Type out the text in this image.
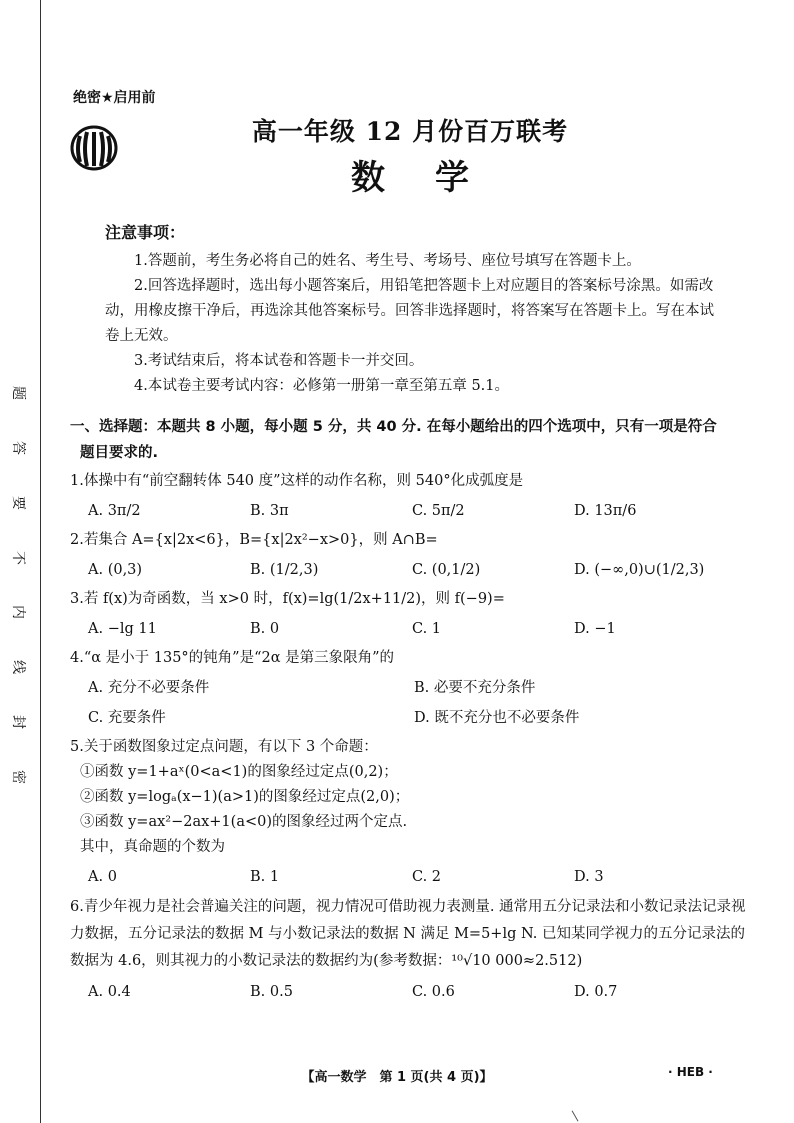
题
答
要
不
内
线
封
密
绝密★启用前
高一年级 12 月份百万联考
数学
注意事项：

1.答题前，考生务必将自己的姓名、考生号、考场号、座位号填写在答题卡上。

2.回答选择题时，选出每小题答案后，用铅笔把答题卡上对应题目的答案标号涂黑。如需改动，用橡皮擦干净后，再选涂其他答案标号。回答非选择题时，将答案写在答题卡上。写在本试卷上无效。

3.考试结束后，将本试卷和答题卡一并交回。

4.本试卷主要考试内容：必修第一册第一章至第五章 5.1。

一、选择题：本题共 8 小题，每小题 5 分，共 40 分. 在每小题给出的四个选项中，只有一项是符合
题目要求的.
1.体操中有“前空翻转体 540 度”这样的动作名称，则 540°化成弧度是
A. 3π/2	B. 3π	C. 5π/2	D. 13π/6
2.若集合 A={x|2x<6}，B={x|2x²−x>0}，则 A∩B=
A. (0,3)	B. (1/2,3)	C. (0,1/2)	D. (−∞,0)∪(1/2,3)
3.若 f(x)为奇函数，当 x>0 时，f(x)=lg(1/2x+11/2)，则 f(−9)=
A. −lg 11	B. 0	C. 1	D. −1
4.“α 是小于 135°的钝角”是“2α 是第三象限角”的
A. 充分不必要条件	B. 必要不充分条件
C. 充要条件	D. 既不充分也不必要条件
5.关于函数图象过定点问题，有以下 3 个命题：
①函数 y=1+aˣ(0<a<1)的图象经过定点(0,2)；
②函数 y=logₐ(x−1)(a>1)的图象经过定点(2,0)；
③函数 y=ax²−2ax+1(a<0)的图象经过两个定点.
其中，真命题的个数为
A. 0	B. 1	C. 2	D. 3
6.青少年视力是社会普遍关注的问题，视力情况可借助视力表测量. 通常用五分记录法和小数记录法记录视力数据，五分记录法的数据 M 与小数记录法的数据 N 满足 M=5+lg N. 已知某同学视力的五分记录法的数据为 4.6，则其视力的小数记录法的数据约为(参考数据：¹⁰√10 000≈2.512)
A. 0.4	B. 0.5	C. 0.6	D. 0.7
【高一数学　第 1 页(共 4 页)】	· HEB ·
